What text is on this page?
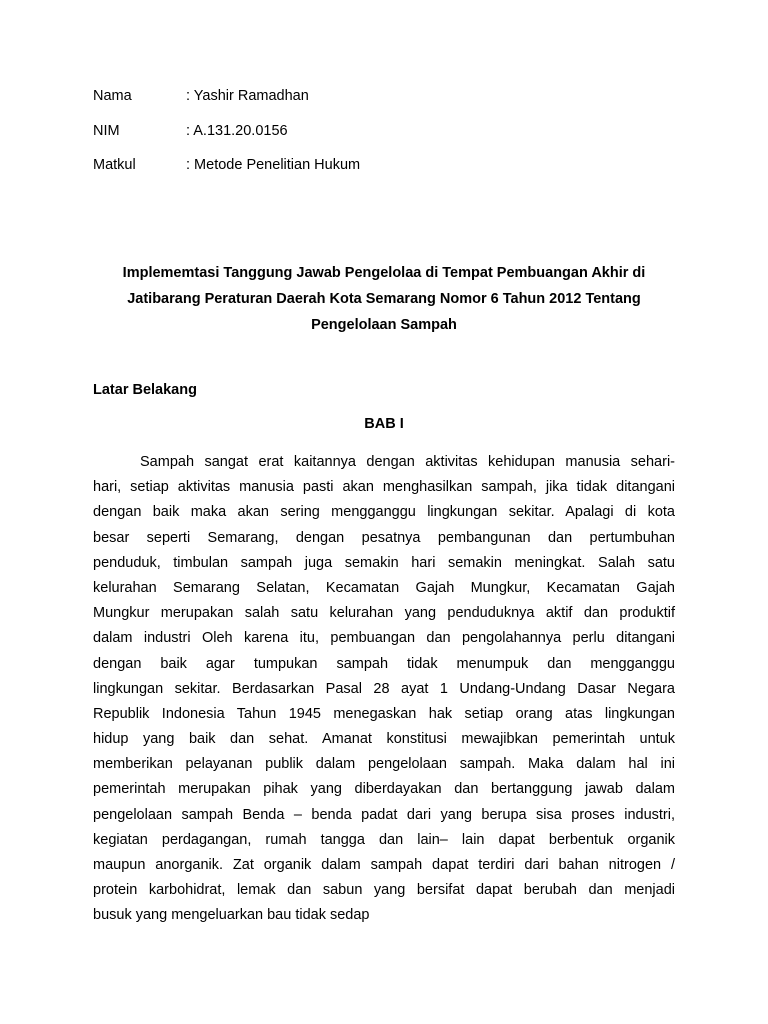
Nama	: Yashir Ramadhan
NIM	: A.131.20.0156
Matkul	: Metode Penelitian Hukum
Implememtasi Tanggung Jawab Pengelolaa di Tempat Pembuangan Akhir di
Jatibarang Peraturan Daerah Kota Semarang Nomor 6 Tahun 2012 Tentang
Pengelolaan Sampah
Latar Belakang
BAB I
Sampah sangat erat kaitannya dengan aktivitas kehidupan manusia sehari-
hari, setiap aktivitas manusia pasti akan menghasilkan sampah, jika tidak ditangani
dengan baik maka akan sering mengganggu lingkungan sekitar. Apalagi di kota
besar seperti Semarang, dengan pesatnya pembangunan dan pertumbuhan
penduduk, timbulan sampah juga semakin hari semakin meningkat. Salah satu
kelurahan Semarang Selatan, Kecamatan Gajah Mungkur, Kecamatan Gajah
Mungkur merupakan salah satu kelurahan yang penduduknya aktif dan produktif
dalam industri Oleh karena itu, pembuangan dan pengolahannya perlu ditangani
dengan baik agar tumpukan sampah tidak menumpuk dan mengganggu
lingkungan sekitar. Berdasarkan Pasal 28 ayat 1 Undang-Undang Dasar Negara
Republik Indonesia Tahun 1945 menegaskan hak setiap orang atas lingkungan
hidup yang baik dan sehat. Amanat konstitusi mewajibkan pemerintah untuk
memberikan pelayanan publik dalam pengelolaan sampah. Maka dalam hal ini
pemerintah merupakan pihak yang diberdayakan dan bertanggung jawab dalam
pengelolaan sampah Benda – benda padat dari yang berupa sisa proses industri,
kegiatan perdagangan, rumah tangga dan lain– lain dapat berbentuk organik
maupun anorganik. Zat organik dalam sampah dapat terdiri dari bahan nitrogen /
protein karbohidrat, lemak dan sabun yang bersifat dapat berubah dan menjadi
busuk yang mengeluarkan bau tidak sedap
